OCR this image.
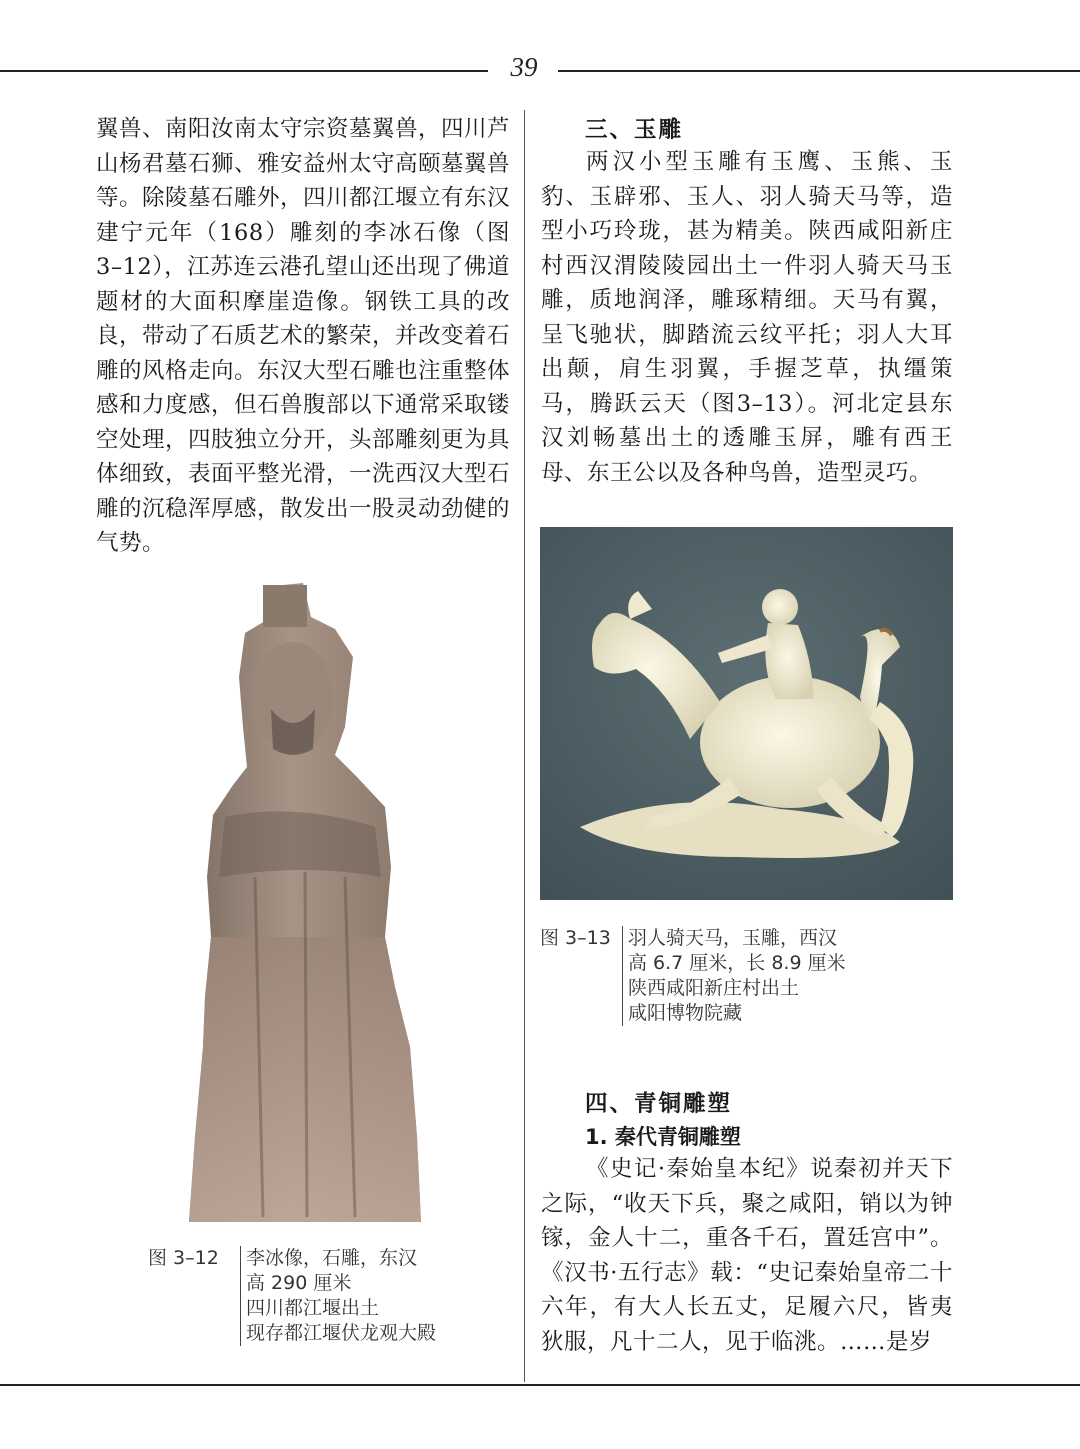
39

翼兽、南阳汝南太守宗资墓翼兽，四川芦山杨君墓石狮、雅安益州太守高颐墓翼兽等。除陵墓石雕外，四川都江堰立有东汉建宁元年（168）雕刻的李冰石像（图3–12），江苏连云港孔望山还出现了佛道题材的大面积摩崖造像。钢铁工具的改良，带动了石质艺术的繁荣，并改变着石雕的风格走向。东汉大型石雕也注重整体感和力度感，但石兽腹部以下通常采取镂空处理，四肢独立分开，头部雕刻更为具体细致，表面平整光滑，一洗西汉大型石雕的沉稳浑厚感，散发出一股灵动劲健的气势。

图 3–12 李冰像，石雕，东汉
高 290 厘米
四川都江堰出土
现存都江堰伏龙观大殿
三、玉雕

两汉小型玉雕有玉鹰、玉熊、玉豹、玉辟邪、玉人、羽人骑天马等，造型小巧玲珑，甚为精美。陕西咸阳新庄村西汉渭陵陵园出土一件羽人骑天马玉雕，质地润泽，雕琢精细。天马有翼，呈飞驰状，脚踏流云纹平托；羽人大耳出颠，肩生羽翼，手握芝草，执缰策马，腾跃云天（图3–13）。河北定县东汉刘畅墓出土的透雕玉屏，雕有西王母、东王公以及各种鸟兽，造型灵巧。

图 3–13 羽人骑天马，玉雕，西汉
高 6.7 厘米，长 8.9 厘米
陕西咸阳新庄村出土
咸阳博物院藏
四、青铜雕塑
1. 秦代青铜雕塑

《史记·秦始皇本纪》说秦初并天下之际，“收天下兵，聚之咸阳，销以为钟镓，金人十二，重各千石，置廷宫中”。《汉书·五行志》载：“史记秦始皇帝二十六年，有大人长五丈，足履六尺，皆夷狄服，凡十二人，见于临洮。……是岁
